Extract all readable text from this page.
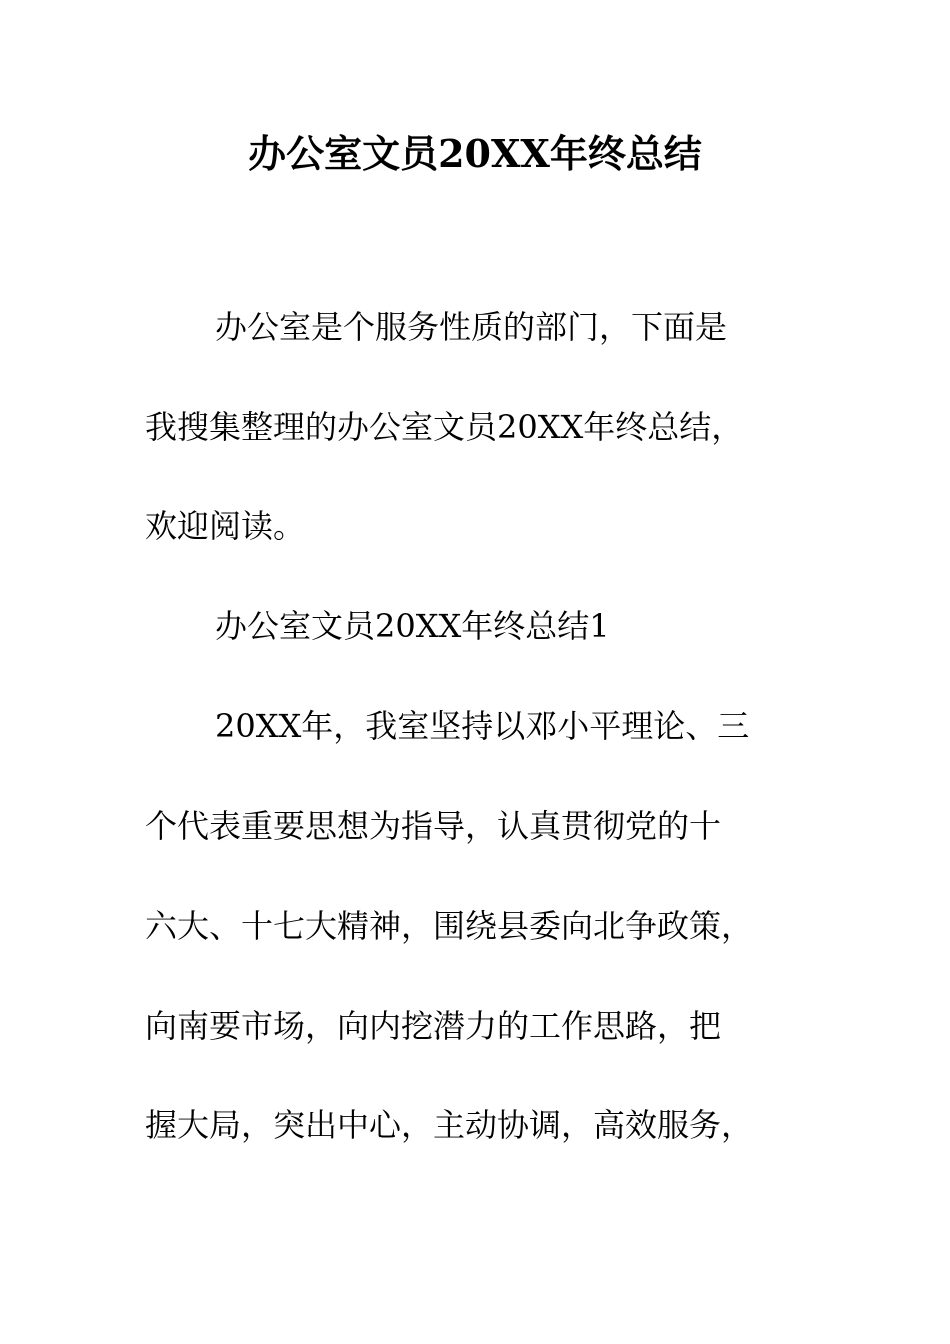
办公室文员20XX年终总结
办公室是个服务性质的部门，下面是
我搜集整理的办公室文员20XX年终总结，
欢迎阅读。
办公室文员20XX年终总结1
20XX年，我室坚持以邓小平理论、三
个代表重要思想为指导，认真贯彻党的十
六大、十七大精神，围绕县委向北争政策，
向南要市场，向内挖潜力的工作思路，把
握大局，突出中心，主动协调，高效服务，
